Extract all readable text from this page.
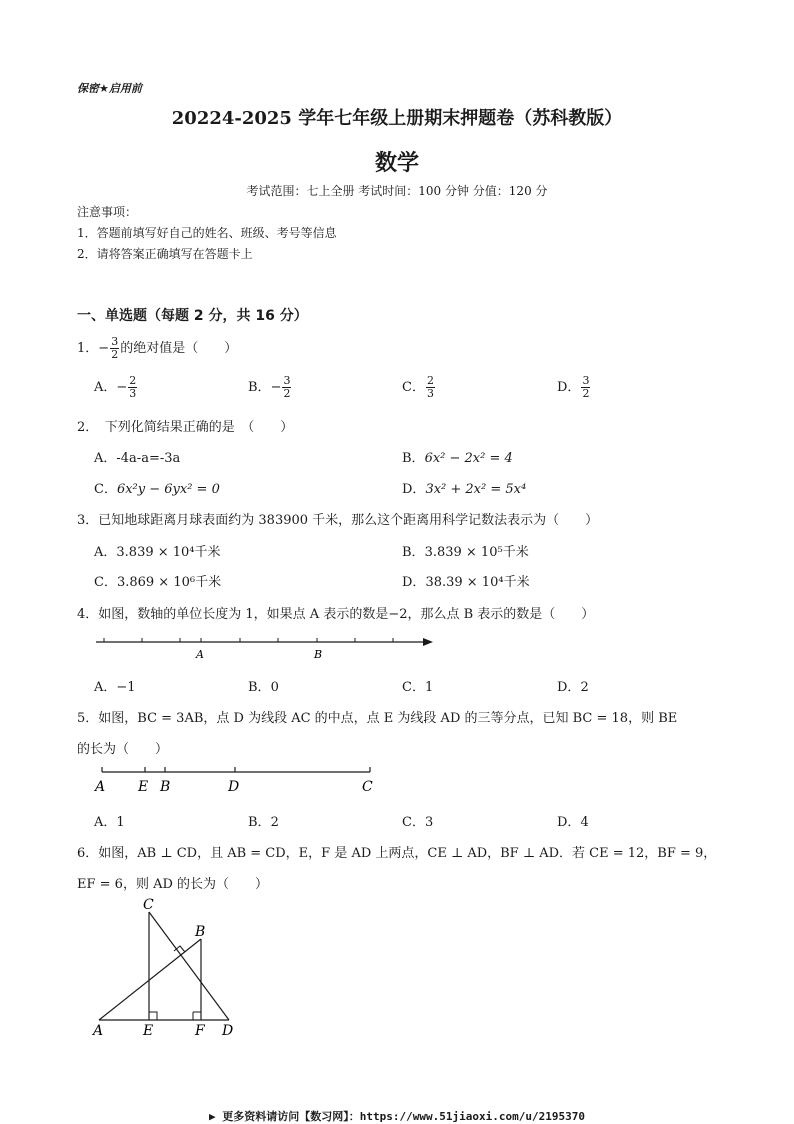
保密★启用前
20224-2025 学年七年级上册期末押题卷（苏科教版）
数学
考试范围：七上全册 考试时间：100 分钟 分值：120 分
注意事项：
1．答题前填写好自己的姓名、班级、考号等信息
2．请将答案正确填写在答题卡上
一、单选题（每题 2 分，共 16 分）
1．− $\frac{3}{2}$ 的绝对值是（　　）
A．− $\frac{2}{3}$	B．− $\frac{3}{2}$	C． $\frac{2}{3}$	D． $\frac{3}{2}$
2．　下列化简结果正确的是　（　　）
A．-4a-a=-3a	B．6x² − 2x² = 4
C．6x²y − 6yx² = 0	D．3x² + 2x² = 5x⁴
3．已知地球距离月球表面约为 383900 千米，那么这个距离用科学记数法表示为（　　）
A．3.839 × 10⁴千米	B．3.839 × 10⁵千米
C．3.869 × 10⁶千米	D．38.39 × 10⁴千米
4．如图，数轴的单位长度为 1，如果点 A 表示的数是−2，那么点 B 表示的数是（　　）
A	B
A．−1	B．0	C．1	D．2
5．如图，BC = 3AB，点 D 为线段 AC 的中点，点 E 为线段 AD 的三等分点，已知 BC = 18，则 BE
的长为（　　）
A E B	D	C
A．1	B．2	C．3	D．4
6．如图，AB ⊥ CD，且 AB = CD，E，F 是 AD 上两点，CE ⊥ AD，BF ⊥ AD．若 CE = 12，BF = 9，
EF = 6，则 AD 的长为（　　）
C
B
A	E	F D
▶ 更多资料请访问【数习网】：https://www.51jiaoxi.com/u/2195370
